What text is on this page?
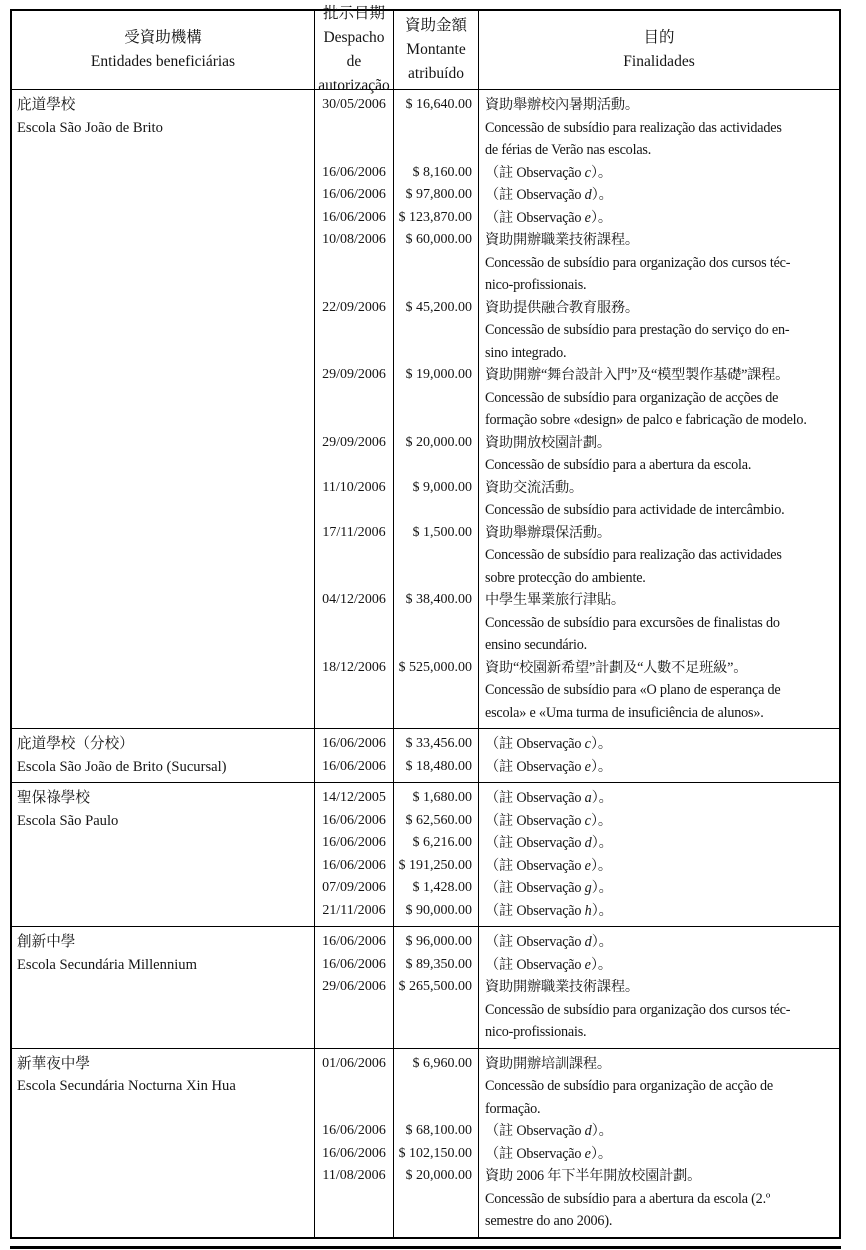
受資助機構
Entidades beneficiárias
批示日期
Despacho de
autorização
資助金額
Montante
atribuído
目的
Finalidades
庇道學校
Escola São João de Brito
30/05/2006
16/06/2006
16/06/2006
16/06/2006
10/08/2006
22/09/2006
29/09/2006
29/09/2006
11/10/2006
17/11/2006
04/12/2006
18/12/2006
$ 16,640.00
$ 8,160.00
$ 97,800.00
$ 123,870.00
$ 60,000.00
$ 45,200.00
$ 19,000.00
$ 20,000.00
$ 9,000.00
$ 1,500.00
$ 38,400.00
$ 525,000.00
資助舉辦校內暑期活動。
Concessão de subsídio para realização das actividades
de férias de Verão nas escolas.
（註 Observação c）。
（註 Observação d）。
（註 Observação e）。
資助開辦職業技術課程。
Concessão de subsídio para organização dos cursos téc-
nico-profissionais.
資助提供融合教育服務。
Concessão de subsídio para prestação do serviço do en-
sino integrado.
資助開辦“舞台設計入門”及“模型製作基礎”課程。
Concessão de subsídio para organização de acções de
formação sobre «design» de palco e fabricação de modelo.
資助開放校園計劃。
Concessão de subsídio para a abertura da escola.
資助交流活動。
Concessão de subsídio para actividade de intercâmbio.
資助舉辦環保活動。
Concessão de subsídio para realização das actividades
sobre protecção do ambiente.
中學生畢業旅行津貼。
Concessão de subsídio para excursões de finalistas do
ensino secundário.
資助“校園新希望”計劃及“人數不足班級”。
Concessão de subsídio para «O plano de esperança de
escola» e «Uma turma de insuficiência de alunos».
庇道學校（分校）
Escola São João de Brito (Sucursal)
16/06/2006
16/06/2006
$ 33,456.00
$ 18,480.00
（註 Observação c）。
（註 Observação e）。
聖保祿學校
Escola São Paulo
14/12/2005
16/06/2006
16/06/2006
16/06/2006
07/09/2006
21/11/2006
$ 1,680.00
$ 62,560.00
$ 6,216.00
$ 191,250.00
$ 1,428.00
$ 90,000.00
（註 Observação a）。
（註 Observação c）。
（註 Observação d）。
（註 Observação e）。
（註 Observação g）。
（註 Observação h）。
創新中學
Escola Secundária Millennium
16/06/2006
16/06/2006
29/06/2006
$ 96,000.00
$ 89,350.00
$ 265,500.00
（註 Observação d）。
（註 Observação e）。
資助開辦職業技術課程。
Concessão de subsídio para organização dos cursos téc-
nico-profissionais.
新華夜中學
Escola Secundária Nocturna Xin Hua
01/06/2006
16/06/2006
16/06/2006
11/08/2006
$ 6,960.00
$ 68,100.00
$ 102,150.00
$ 20,000.00
資助開辦培訓課程。
Concessão de subsídio para organização de acção de
formação.
（註 Observação d）。
（註 Observação e）。
資助 2006 年下半年開放校園計劃。
Concessão de subsídio para a abertura da escola (2.º
semestre do ano 2006).
